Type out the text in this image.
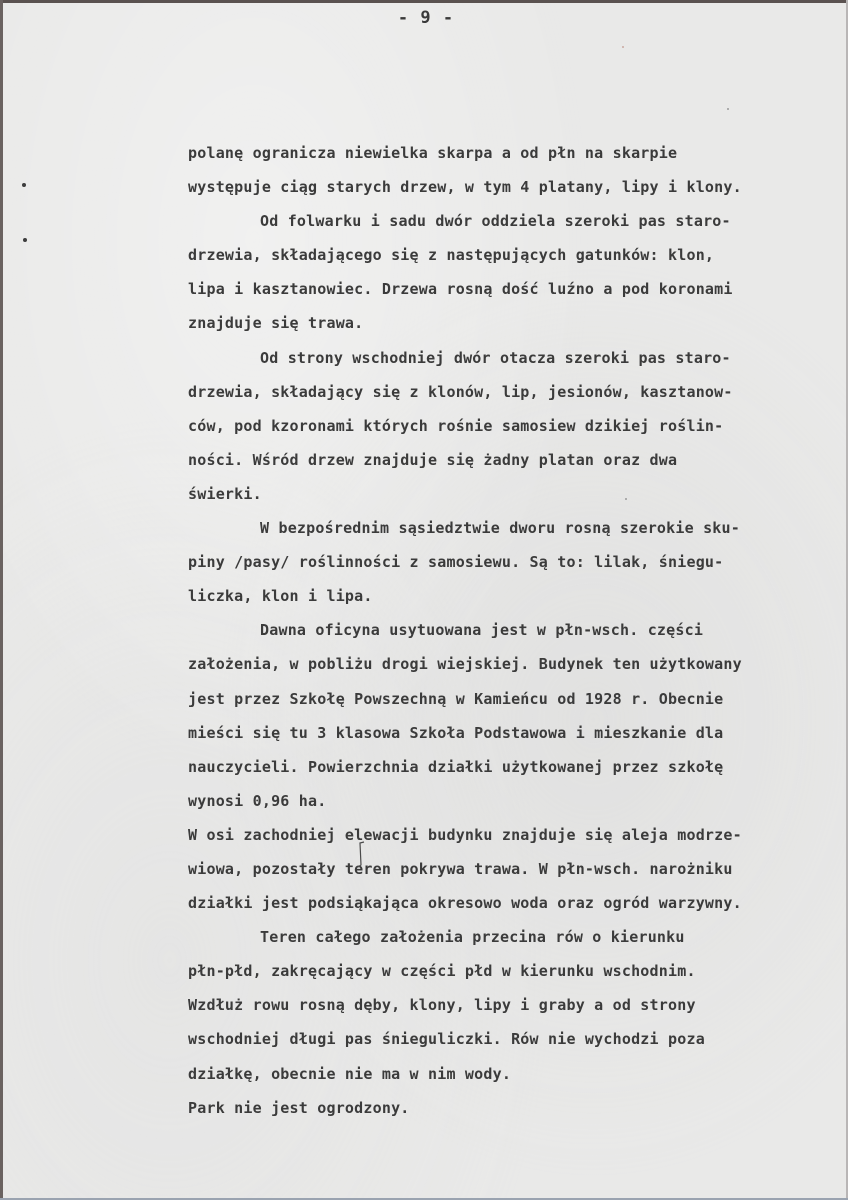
- 9 -
polanę ogranicza niewielka skarpa a od płn na skarpie
występuje ciąg starych drzew, w tym 4 platany, lipy i klony.
Od folwarku i sadu dwór oddziela szeroki pas staro-
drzewia, składającego się z następujących gatunków: klon,
lipa i kasztanowiec. Drzewa rosną dość luźno a pod koronami
znajduje się trawa.
Od strony wschodniej dwór otacza szeroki pas staro-
drzewia, składający się z klonów, lip, jesionów, kasztanow-
ców, pod kzoronami których rośnie samosiew dzikiej roślin-
ności. Wśród drzew znajduje się żadny platan oraz dwa
świerki.
W bezpośrednim sąsiedztwie dworu rosną szerokie sku-
piny /pasy/ roślinności z samosiewu. Są to: lilak, śniegu-
liczka, klon i lipa.
Dawna oficyna usytuowana jest w płn-wsch. części
założenia, w pobliżu drogi wiejskiej. Budynek ten użytkowany
jest przez Szkołę Powszechną w Kamieńcu od 1928 r. Obecnie
mieści się tu 3 klasowa Szkoła Podstawowa i mieszkanie dla
nauczycieli. Powierzchnia działki użytkowanej przez szkołę
wynosi 0,96 ha.
W osi zachodniej elewacji budynku znajduje się aleja modrze-
wiowa, pozostały teren pokrywa trawa. W płn-wsch. narożniku
działki jest podsiąkająca okresowo woda oraz ogród warzywny.
Teren całego założenia przecina rów o kierunku
płn-płd, zakręcający w części płd w kierunku wschodnim.
Wzdłuż rowu rosną dęby, klony, lipy i graby a od strony
wschodniej długi pas śnieguliczki. Rów nie wychodzi poza
działkę, obecnie nie ma w nim wody.
Park nie jest ogrodzony.
